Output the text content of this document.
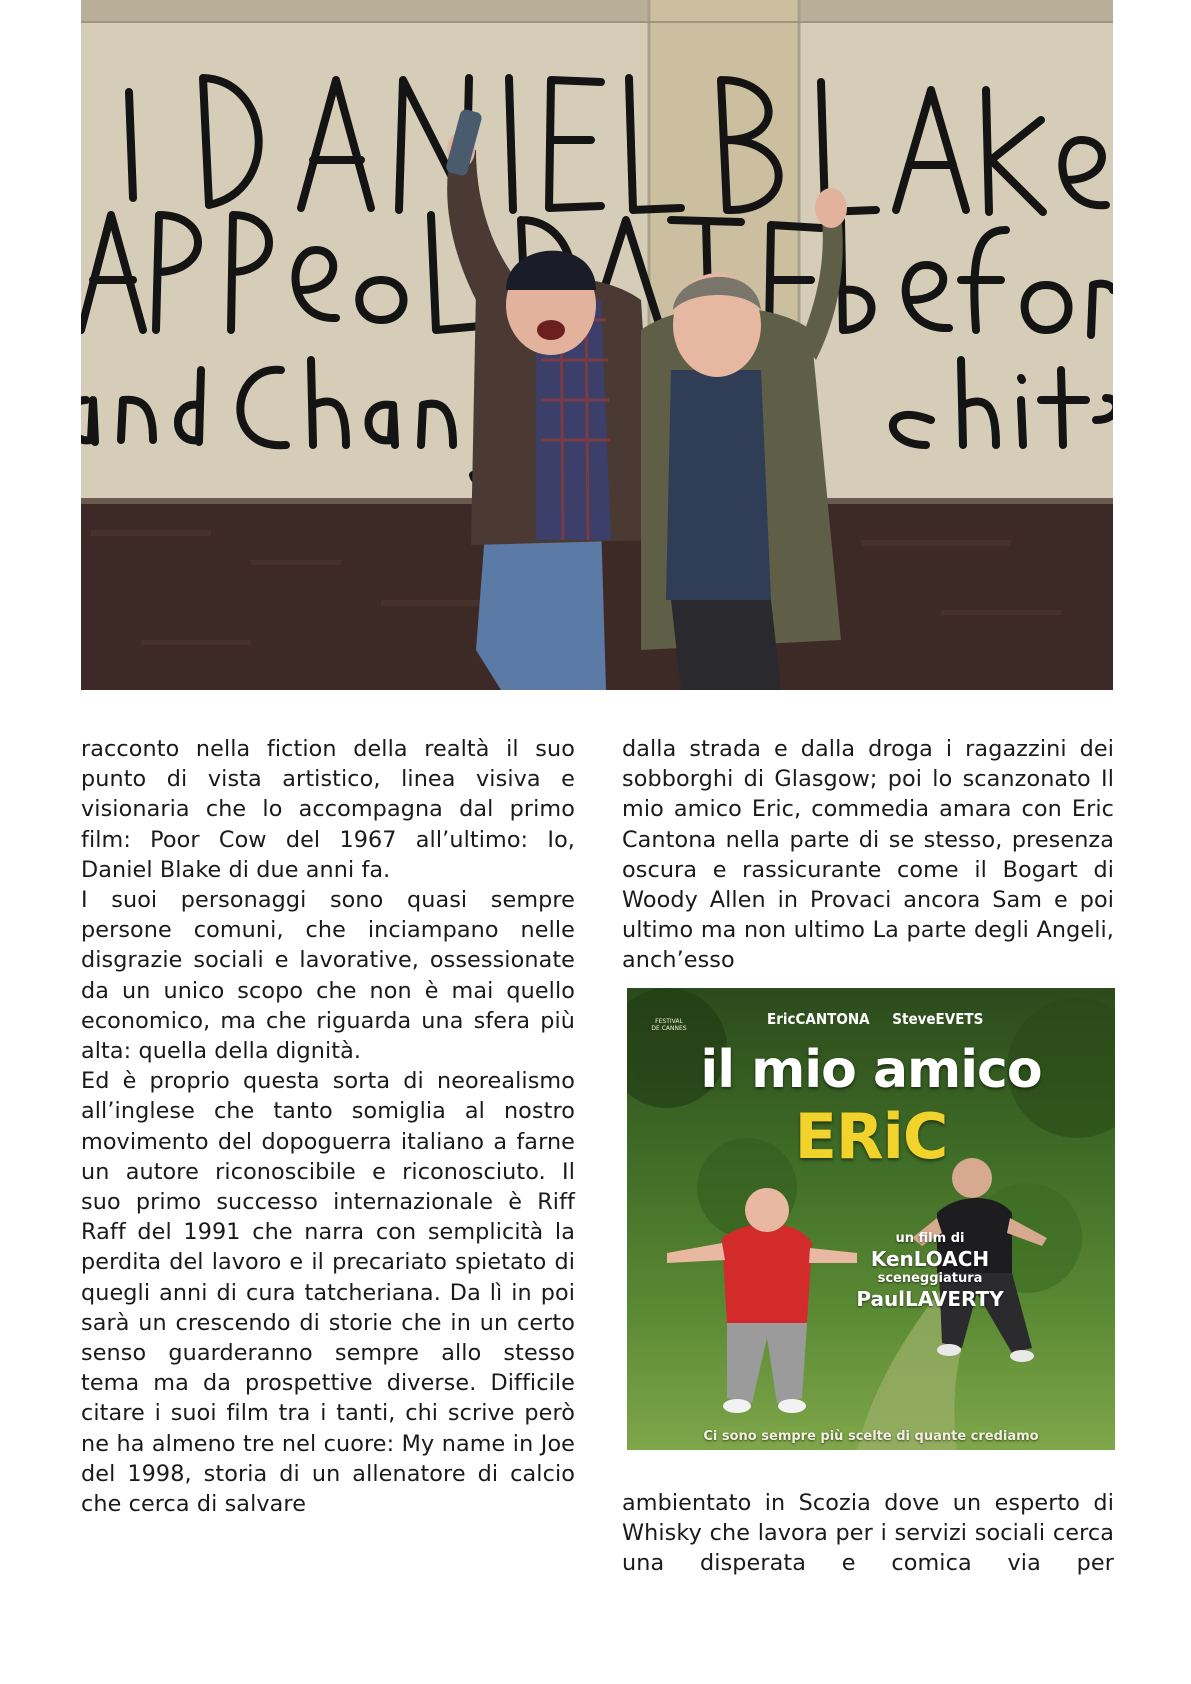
racconto nella fiction della realtà il suo punto di vista artistico, linea visiva e visionaria che lo accompagna dal primo film: Poor Cow del 1967 all’ultimo: Io, Daniel Blake di due anni fa.

I suoi personaggi sono quasi sempre persone comuni, che inciampano nelle disgrazie sociali e lavorative, ossessionate da un unico scopo che non è mai quello economico, ma che riguarda una sfera più alta: quella della dignità.

Ed è proprio questa sorta di neorealismo all’inglese che tanto somiglia al nostro movimento del dopoguerra italiano a farne un autore riconoscibile e riconosciuto. Il suo primo successo internazionale è Riff Raff del 1991 che narra con semplicità la perdita del lavoro e il precariato spietato di quegli anni di cura tatcheriana. Da lì in poi sarà un crescendo di storie che in un certo senso guarderanno sempre allo stesso tema ma da prospettive diverse. Difficile citare i suoi film tra i tanti, chi scrive però ne ha almeno tre nel cuore: My name in Joe del 1998, storia di un allenatore di calcio che cerca di salvare

dalla strada e dalla droga i ragazzini dei sobborghi di Glasgow; poi lo scanzonato Il mio amico Eric, commedia amara con Eric Cantona nella parte di se stesso, presenza oscura e rassicurante come il Bogart di Woody Allen in Provaci ancora Sam e poi ultimo ma non ultimo La parte degli Angeli, anch’esso

FESTIVAL DE CANNES
EricCANTONA SteveEVETS
il mio amico
ERiC
un film di
KenLOACH
sceneggiatura
PaulLAVERTY
Ci sono sempre più scelte di quante crediamo

ambientato in Scozia dove un esperto di Whisky che lavora per i servizi sociali cerca una disperata e comica via per
